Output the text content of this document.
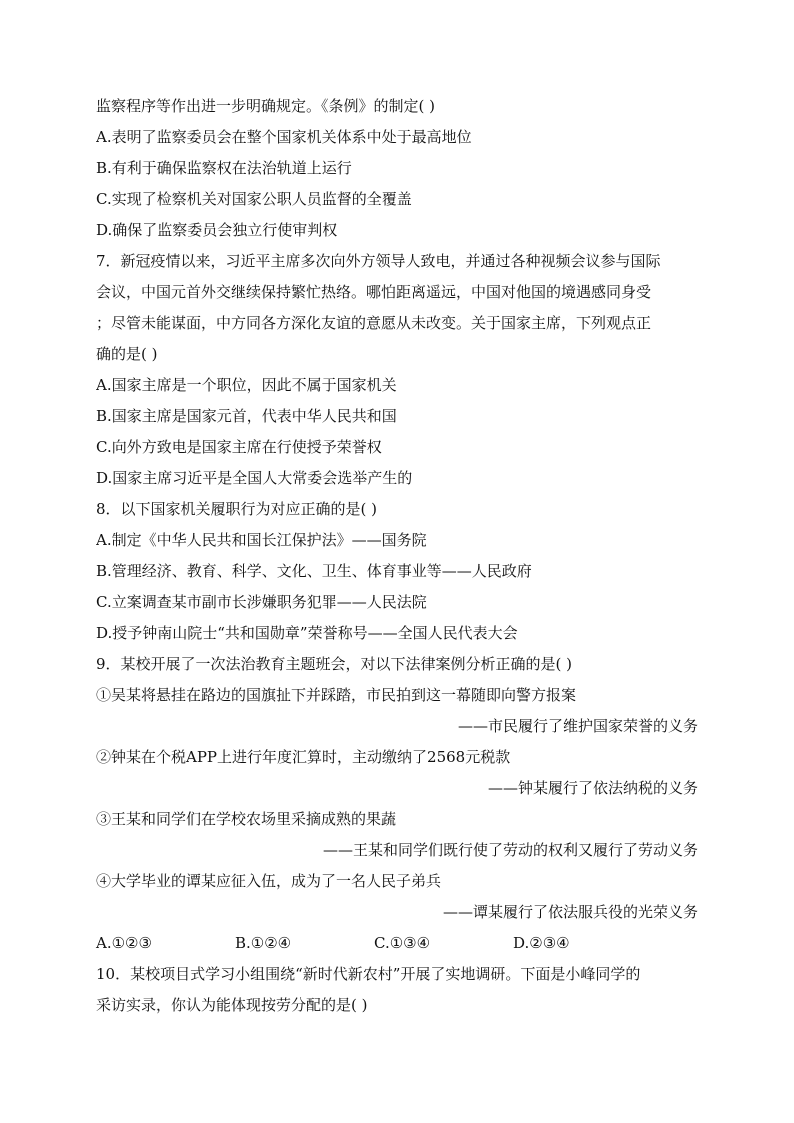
监察程序等作出进一步明确规定。《条例》的制定( )
A.表明了监察委员会在整个国家机关体系中处于最高地位
B.有利于确保监察权在法治轨道上运行
C.实现了检察机关对国家公职人员监督的全覆盖
D.确保了监察委员会独立行使审判权
7．新冠疫情以来，习近平主席多次向外方领导人致电，并通过各种视频会议参与国际
会议，中国元首外交继续保持繁忙热络。哪怕距离遥远，中国对他国的境遇感同身受
；尽管未能谋面，中方同各方深化友谊的意愿从未改变。关于国家主席，下列观点正
确的是( )
A.国家主席是一个职位，因此不属于国家机关
B.国家主席是国家元首，代表中华人民共和国
C.向外方致电是国家主席在行使授予荣誉权
D.国家主席习近平是全国人大常委会选举产生的
8．以下国家机关履职行为对应正确的是( )
A.制定《中华人民共和国长江保护法》——国务院
B.管理经济、教育、科学、文化、卫生、体育事业等——人民政府
C.立案调查某市副市长涉嫌职务犯罪——人民法院
D.授予钟南山院士“共和国勋章”荣誉称号——全国人民代表大会
9．某校开展了一次法治教育主题班会，对以下法律案例分析正确的是( )
①吴某将悬挂在路边的国旗扯下并踩踏，市民拍到这一幕随即向警方报案
——市民履行了维护国家荣誉的义务
②钟某在个税APP上进行年度汇算时，主动缴纳了2568元税款
——钟某履行了依法纳税的义务
③王某和同学们在学校农场里采摘成熟的果蔬
——王某和同学们既行使了劳动的权利又履行了劳动义务
④大学毕业的谭某应征入伍，成为了一名人民子弟兵
——谭某履行了依法服兵役的光荣义务
A.①②③	B.①②④	C.①③④	D.②③④
10．某校项目式学习小组围绕“新时代新农村”开展了实地调研。下面是小峰同学的
采访实录，你认为能体现按劳分配的是( )
